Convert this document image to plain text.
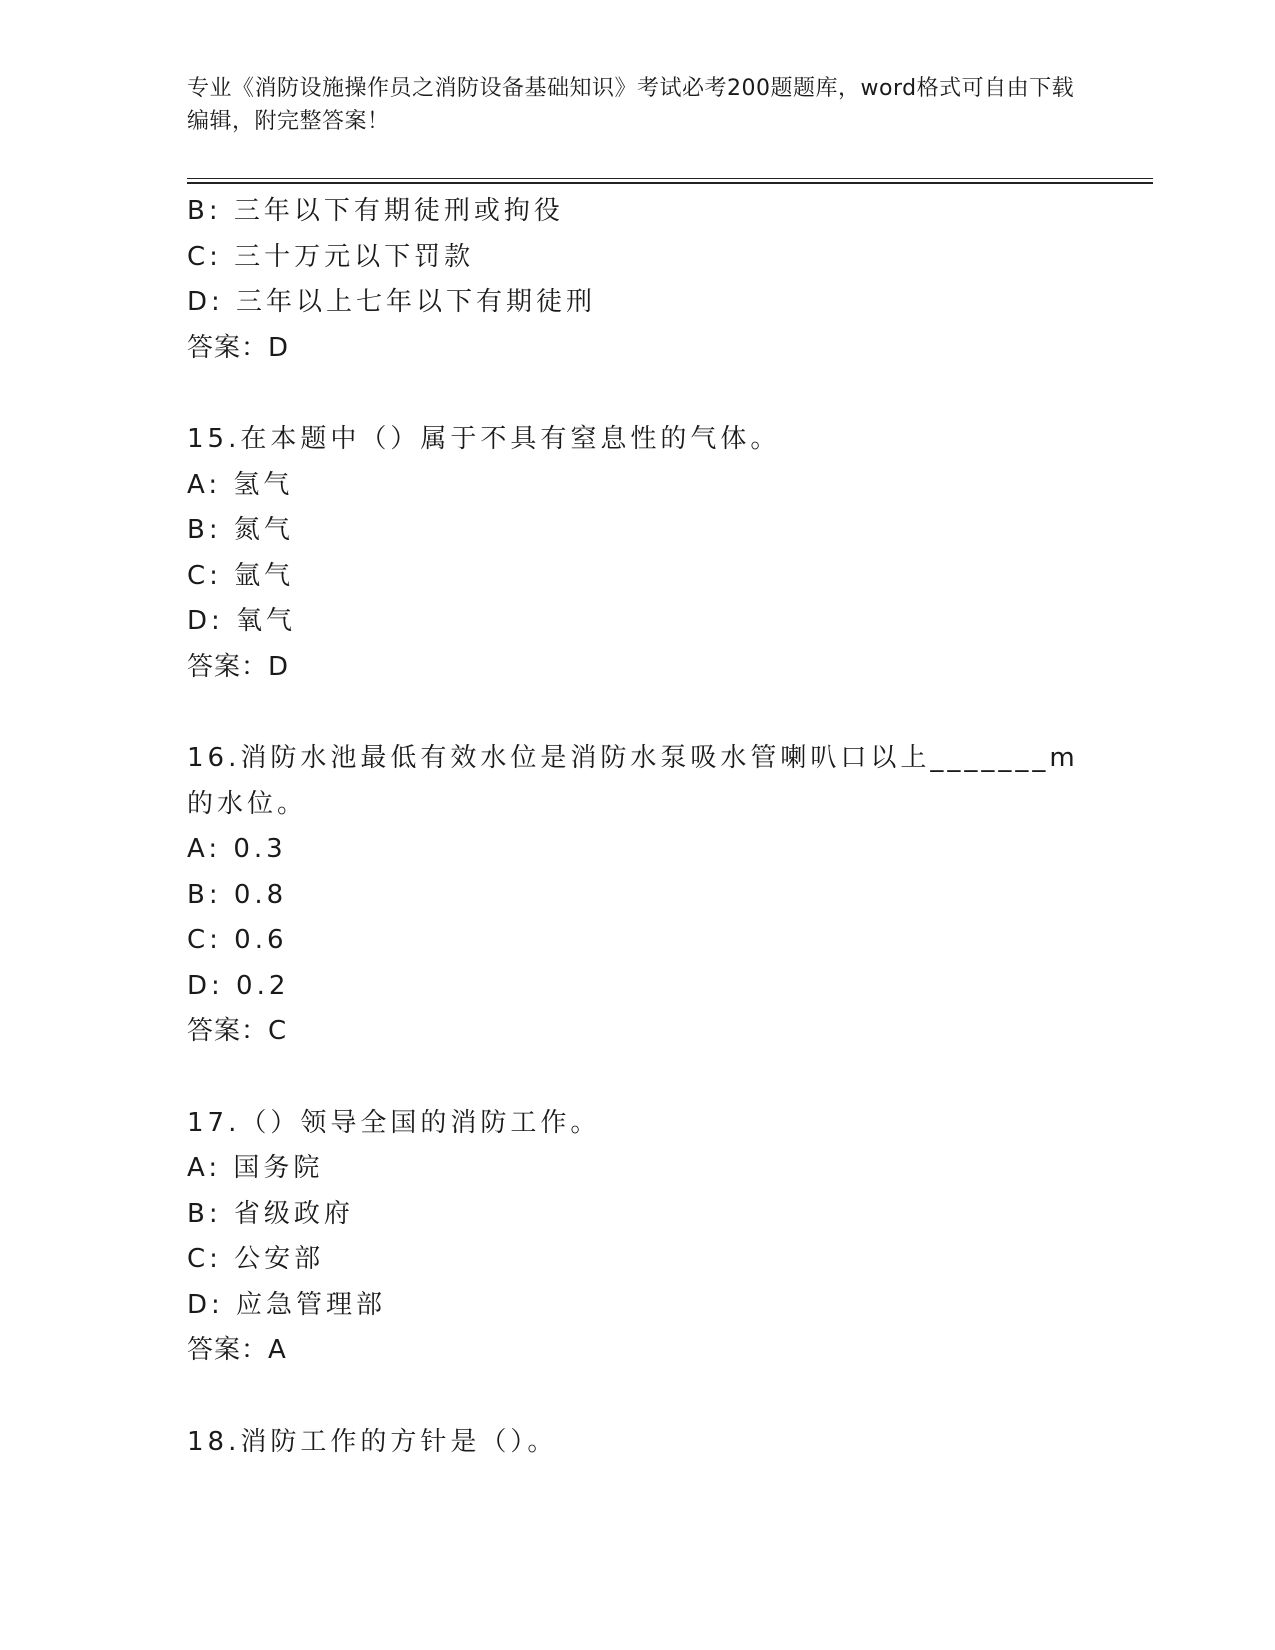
专业《消防设施操作员之消防设备基础知识》考试必考200题题库，word格式可自由下载编辑，附完整答案！
B: 三年以下有期徒刑或拘役
C: 三十万元以下罚款
D: 三年以上七年以下有期徒刑
答案：D
15.在本题中（）属于不具有窒息性的气体。
A: 氢气
B: 氮气
C: 氩气
D: 氧气
答案：D
16.消防水池最低有效水位是消防水泵吸水管喇叭口以上_______m的水位。
A: 0.3
B: 0.8
C: 0.6
D: 0.2
答案：C
17.（）领导全国的消防工作。
A: 国务院
B: 省级政府
C: 公安部
D: 应急管理部
答案：A
18.消防工作的方针是（）。
